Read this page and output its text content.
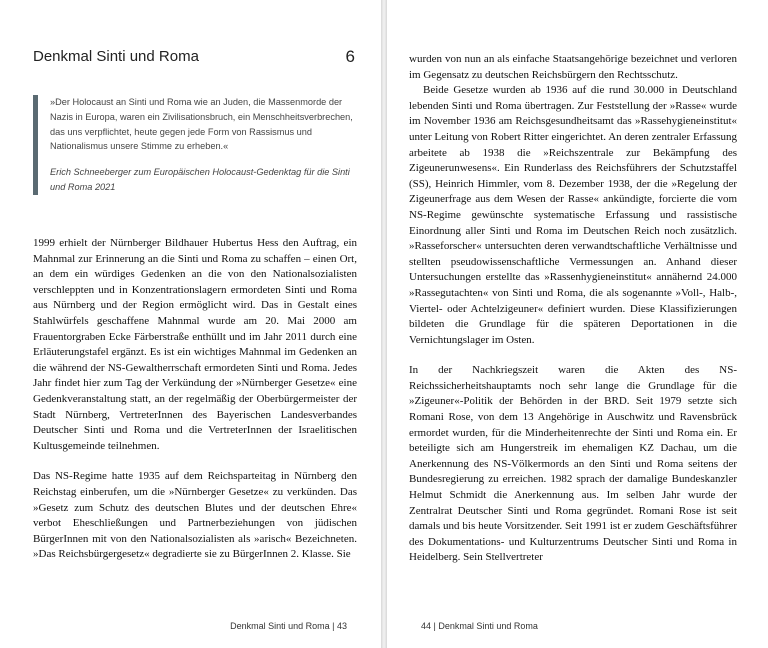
Denkmal Sinti und Roma	6

»Der Holocaust an Sinti und Roma wie an Juden, die Massenmorde der Nazis in Europa, waren ein Zivilisationsbruch, ein Menschheitsverbrechen, das uns verpflichtet, heute gegen jede Form von Rassismus und Nationalismus unsere Stimme zu erheben.«

Erich Schneeberger zum Europäischen Holocaust-Gedenktag für die Sinti und Roma 2021

1999 erhielt der Nürnberger Bildhauer Hubertus Hess den Auftrag, ein Mahnmal zur Erinnerung an die Sinti und Roma zu schaffen – einen Ort, an dem ein würdiges Gedenken an die von den Nationalsozialisten verschleppten und in Konzentrationslagern ermordeten Sinti und Roma aus Nürnberg und der Region ermöglicht wird. Das in Gestalt eines Stahlwürfels geschaffene Mahnmal wurde am 20. Mai 2000 am Frauentorgraben Ecke Färberstraße enthüllt und im Jahr 2011 durch eine Erläuterungstafel ergänzt. Es ist ein wichtiges Mahnmal im Gedenken an die während der NS-Gewaltherrschaft ermordeten Sinti und Roma. Jedes Jahr findet hier zum Tag der Verkündung der »Nürnberger Gesetze« eine Gedenkveranstaltung statt, an der regelmäßig der Oberbürgermeister der Stadt Nürnberg, VertreterInnen des Bayerischen Landesverbandes Deutscher Sinti und Roma und die VertreterInnen der Israelitischen Kultusgemeinde teilnehmen.

Das NS-Regime hatte 1935 auf dem Reichsparteitag in Nürnberg den Reichstag einberufen, um die »Nürnberger Gesetze« zu verkünden. Das »Gesetz zum Schutz des deutschen Blutes und der deutschen Ehre« verbot Eheschließungen und Partnerbeziehungen von jüdischen BürgerInnen mit von den Nationalsozialisten als »arisch« Bezeichneten. »Das Reichsbürgergesetz« degradierte sie zu BürgerInnen 2. Klasse. Sie

Denkmal Sinti und Roma | 43

wurden von nun an als einfache Staatsangehörige bezeichnet und verloren im Gegensatz zu deutschen Reichsbürgern den Rechtsschutz.

Beide Gesetze wurden ab 1936 auf die rund 30.000 in Deutschland lebenden Sinti und Roma übertragen. Zur Feststellung der »Rasse« wurde im November 1936 am Reichsgesundheitsamt das »Rassehygieneinstitut« unter Leitung von Robert Ritter eingerichtet. An deren zentraler Erfassung arbeitete ab 1938 die »Reichszentrale zur Bekämpfung des Zigeunerunwesens«. Ein Runderlass des Reichsführers der Schutzstaffel (SS), Heinrich Himmler, vom 8. Dezember 1938, der die »Regelung der Zigeunerfrage aus dem Wesen der Rasse« ankündigte, forcierte die vom NS-Regime gewünschte systematische Erfassung und rassistische Einordnung aller Sinti und Roma im Deutschen Reich noch zusätzlich. »Rasseforscher« untersuchten deren verwandtschaftliche Verhältnisse und stellten pseudowissenschaftliche Vermessungen an. Anhand dieser Untersuchungen erstellte das »Rassenhygieneinstitut« annähernd 24.000 »Rassegutachten« von Sinti und Roma, die als sogenannte »Voll-, Halb-, Viertel- oder Achtelzigeuner« definiert wurden. Diese Klassifizierungen bildeten die Grundlage für die späteren Deportationen in die Vernichtungslager im Osten.

In der Nachkriegszeit waren die Akten des NS-Reichssicherheitshauptamts noch sehr lange die Grundlage für die »Zigeuner«-Politik der Behörden in der BRD. Seit 1979 setzte sich Romani Rose, von dem 13 Angehörige in Auschwitz und Ravensbrück ermordet wurden, für die Minderheitenrechte der Sinti und Roma ein. Er beteiligte sich am Hungerstreik im ehemaligen KZ Dachau, um die Anerkennung des NS-Völkermords an den Sinti und Roma seitens der Bundesregierung zu erreichen. 1982 sprach der damalige Bundeskanzler Helmut Schmidt die Anerkennung aus. Im selben Jahr wurde der Zentralrat Deutscher Sinti und Roma gegründet. Romani Rose ist seit damals und bis heute Vorsitzender. Seit 1991 ist er zudem Geschäftsführer des Dokumentations- und Kulturzentrums Deutscher Sinti und Roma in Heidelberg. Sein Stellvertreter

44 | Denkmal Sinti und Roma
